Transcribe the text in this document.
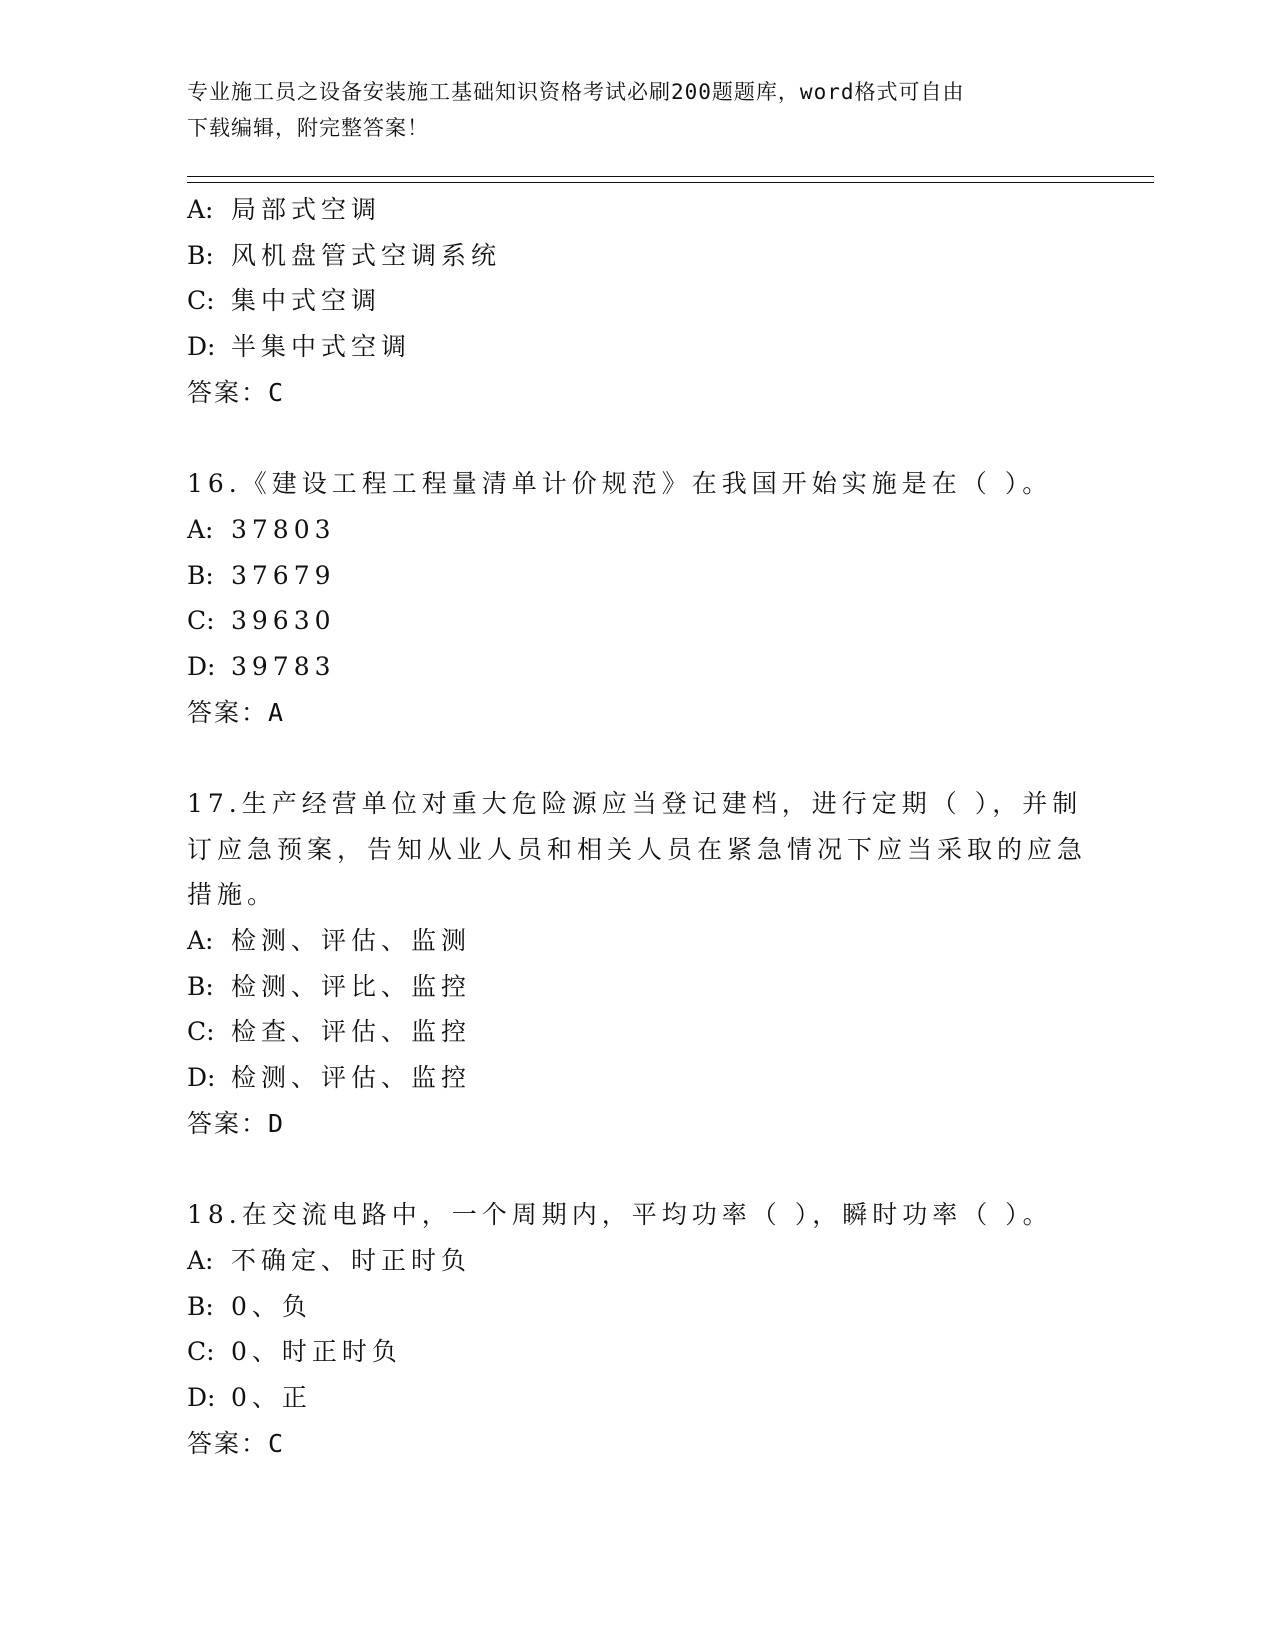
专业施工员之设备安装施工基础知识资格考试必刷200题题库，word格式可自由
下载编辑，附完整答案！
A: 局部式空调
B: 风机盘管式空调系统
C: 集中式空调
D: 半集中式空调
答案：C
16.《建设工程工程量清单计价规范》在我国开始实施是在（ ）。
A: 37803
B: 37679
C: 39630
D: 39783
答案：A
17.生产经营单位对重大危险源应当登记建档，进行定期（ ），并制
订应急预案，告知从业人员和相关人员在紧急情况下应当采取的应急
措施。
A: 检测、评估、监测
B: 检测、评比、监控
C: 检查、评估、监控
D: 检测、评估、监控
答案：D
18.在交流电路中，一个周期内，平均功率（ ），瞬时功率（ ）。
A: 不确定、时正时负
B: 0、负
C: 0、时正时负
D: 0、正
答案：C
